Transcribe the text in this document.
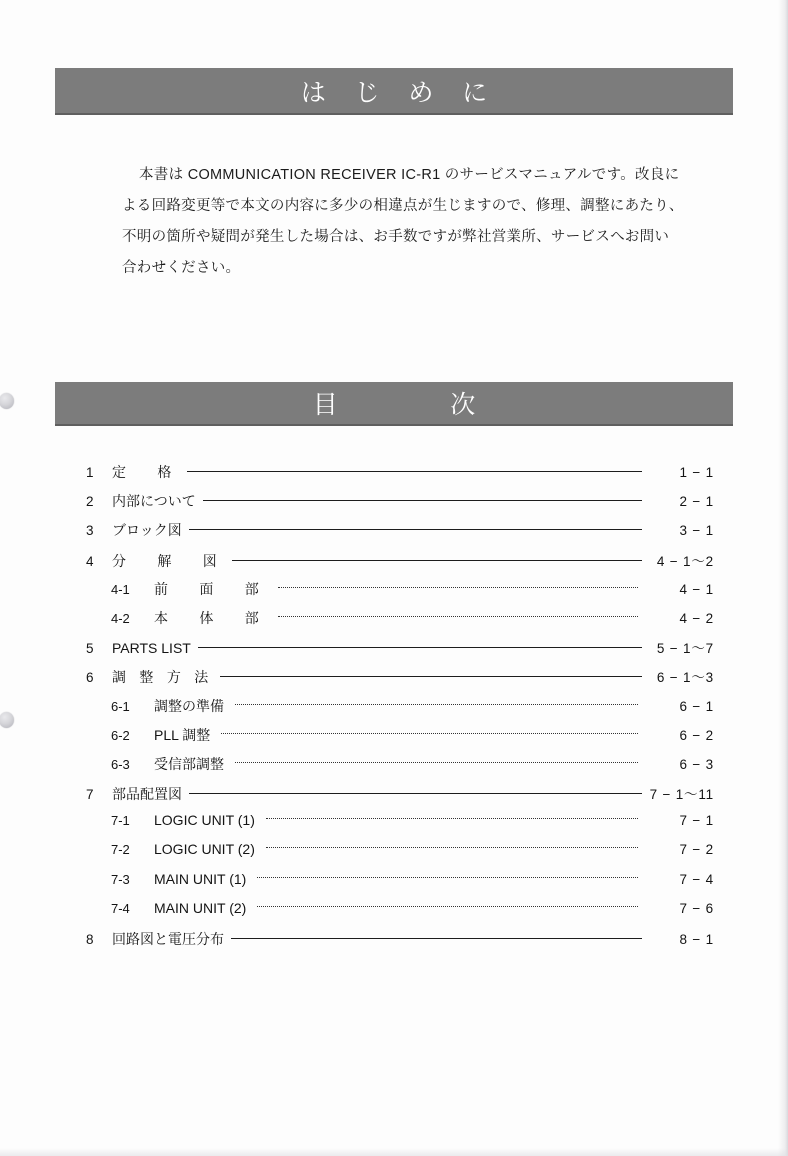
はじめに

本書は COMMUNICATION RECEIVER IC-R1 のサービスマニュアルです。改良による回路変更等で本文の内容に多少の相違点が生じますので、修理、調整にあたり、不明の箇所や疑問が発生した場合は、お手数ですが弊社営業所、サービスへお問い合わせください。

目次
1	定　格	1 − 1
2	内部について	2 − 1
3	ブロック図	3 − 1
4	分　解　図	4 − 1〜2
4-1	前　面　部	4 − 1
4-2	本　体　部	4 − 2
5	PARTS LIST	5 − 1〜7
6	調 整 方 法	6 − 1〜3
6-1	調整の準備	6 − 1
6-2	PLL 調整	6 − 2
6-3	受信部調整	6 − 3
7	部品配置図	7 − 1〜11
7-1	LOGIC UNIT (1)	7 − 1
7-2	LOGIC UNIT (2)	7 − 2
7-3	MAIN UNIT (1)	7 − 4
7-4	MAIN UNIT (2)	7 − 6
8	回路図と電圧分布	8 − 1
